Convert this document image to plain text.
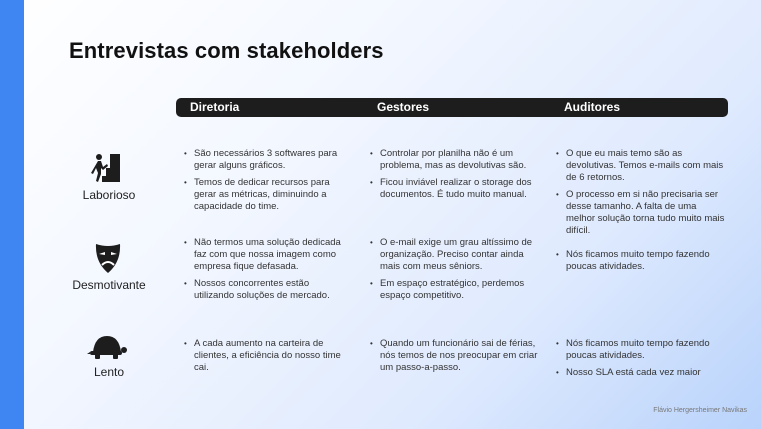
Entrevistas com stakeholders
Diretoria	Gestores	Auditores
Laborioso
• São necessários 3 softwares para gerar alguns gráficos.
• Temos de dedicar recursos para gerar as métricas, diminuindo a capacidade do time.
• Controlar por planilha não é um problema, mas as devolutivas são.
• Ficou inviável realizar o storage dos documentos. É tudo muito manual.
• O que eu mais temo são as devolutivas. Temos e-mails com mais de 6 retornos.
• O processo em si não precisaria ser desse tamanho. A falta de uma melhor solução torna tudo muito mais difícil.
Desmotivante
• Não termos uma solução dedicada faz com que nossa imagem como empresa fique defasada.
• Nossos concorrentes estão utilizando soluções de mercado.
• O e-mail exige um grau altíssimo de organização. Preciso contar ainda mais com meus sêniors.
• Em espaço estratégico, perdemos espaço competitivo.
• Nós ficamos muito tempo fazendo poucas atividades.
Lento
• A cada aumento na carteira de clientes, a eficiência do nosso time cai.
• Quando um funcionário sai de férias, nós temos de nos preocupar em criar um passo-a-passo.
• Nós ficamos muito tempo fazendo poucas atividades.
• Nosso SLA está cada vez maior
Flávio Hergersheimer Navikas
